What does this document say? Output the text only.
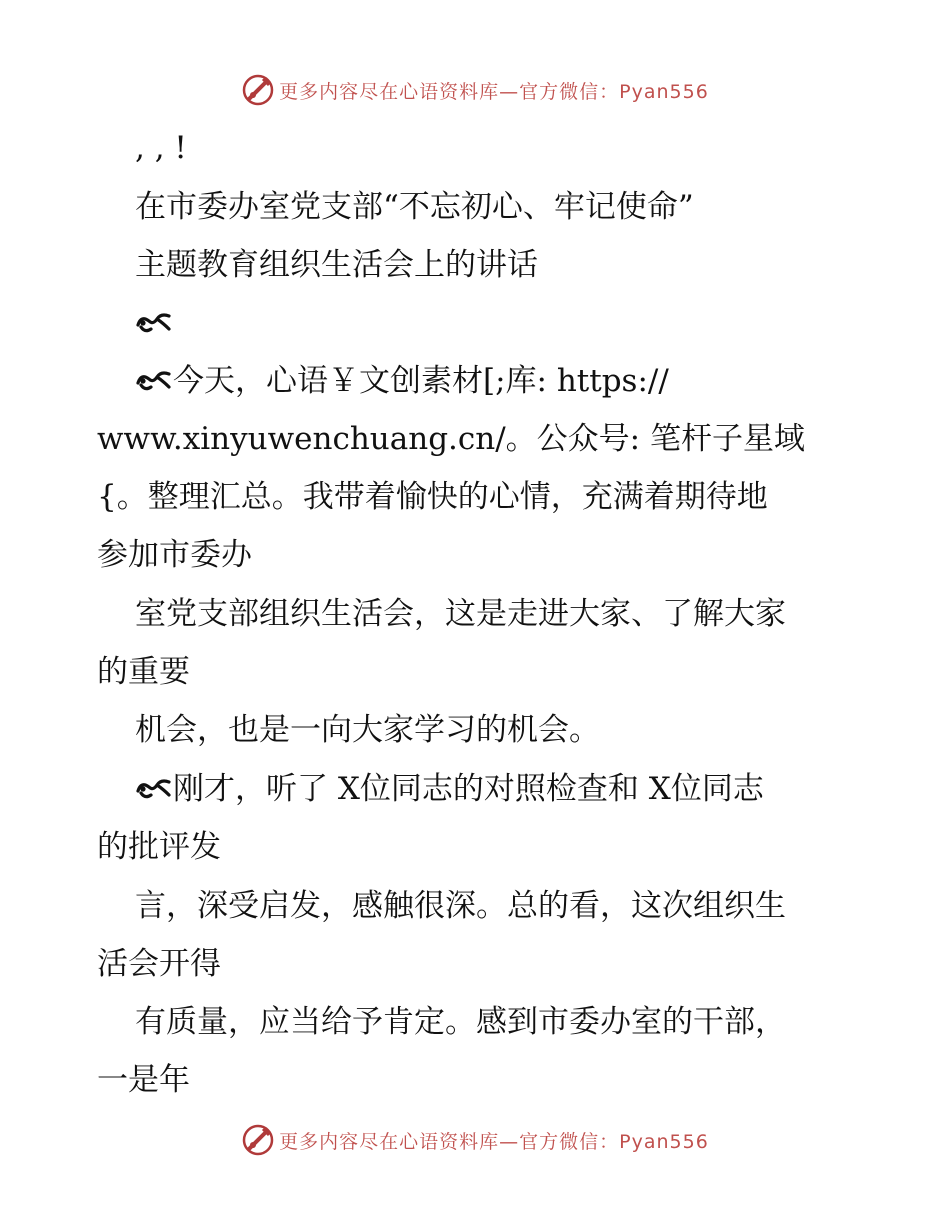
更多内容尽在心语资料库—官方微信：Pyan556
, , !
在市委办室党支部“不忘初心、牢记使命”
主题教育组织生活会上的讲话
今天，心语￥文创素材[;库: https://
www.xinyuwenchuang.cn/。公众号: 笔杆子星域
{。整理汇总。我带着愉快的心情，充满着期待地
参加市委办
室党支部组织生活会，这是走进大家、了解大家
的重要
机会，也是一向大家学习的机会。
刚才，听了 X位同志的对照检查和 X位同志
的批评发
言，深受启发，感触很深。总的看，这次组织生
活会开得
有质量，应当给予肯定。感到市委办室的干部，
一是年
更多内容尽在心语资料库—官方微信：Pyan556
